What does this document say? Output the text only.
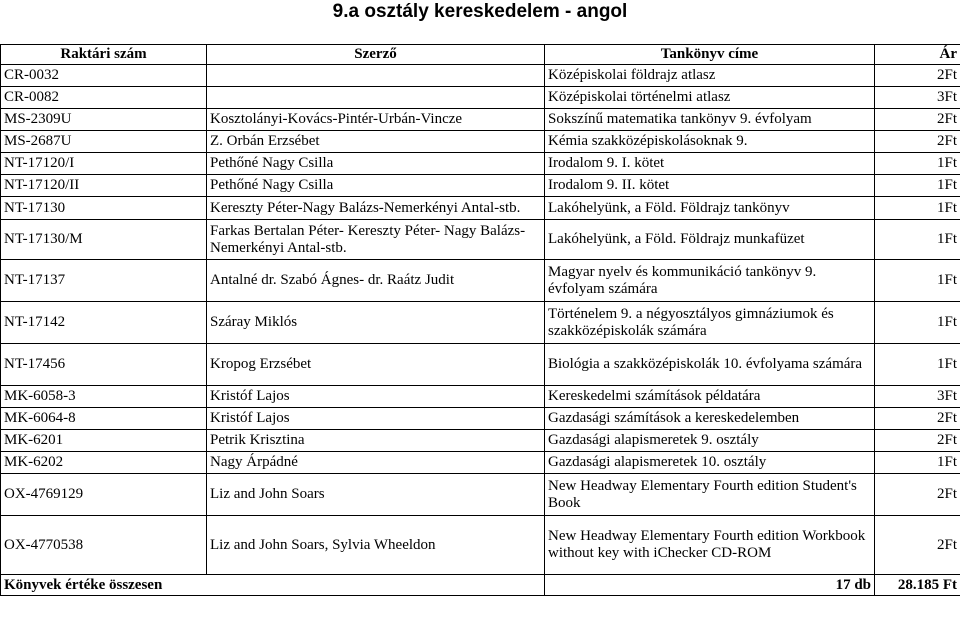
9.a osztály kereskedelem - angol
Raktári szám	Szerző	Tankönyv címe	Ár
CR-0032		Középiskolai földrajz atlasz	2Ft
CR-0082		Középiskolai történelmi atlasz	3Ft
MS-2309U	Kosztolányi-Kovács-Pintér-Urbán-Vincze	Sokszínű matematika tankönyv 9. évfolyam	2Ft
MS-2687U	Z. Orbán Erzsébet	Kémia szakközépiskolásoknak 9.	2Ft
NT-17120/I	Pethőné Nagy Csilla	Irodalom 9. I. kötet	1Ft
NT-17120/II	Pethőné Nagy Csilla	Irodalom 9. II. kötet	1Ft
NT-17130	Kereszty Péter-Nagy Balázs-Nemerkényi Antal-stb.	Lakóhelyünk, a Föld. Földrajz tankönyv	1Ft
NT-17130/M	Farkas Bertalan Péter- Kereszty Péter- Nagy Balázs- Nemerkényi Antal-stb.	Lakóhelyünk, a Föld. Földrajz munkafüzet	1Ft
NT-17137	Antalné dr. Szabó Ágnes- dr. Raátz Judit	Magyar nyelv és kommunikáció tankönyv 9. évfolyam számára	1Ft
NT-17142	Száray Miklós	Történelem 9. a négyosztályos gimnáziumok és szakközépiskolák számára	1Ft
NT-17456	Kropog Erzsébet	Biológia a szakközépiskolák 10. évfolyama számára	1Ft
MK-6058-3	Kristóf Lajos	Kereskedelmi számítások példatára	3Ft
MK-6064-8	Kristóf Lajos	Gazdasági számítások a kereskedelemben	2Ft
MK-6201	Petrik Krisztina	Gazdasági alapismeretek 9. osztály	2Ft
MK-6202	Nagy Árpádné	Gazdasági alapismeretek 10. osztály	1Ft
OX-4769129	Liz and John Soars	New Headway Elementary Fourth edition Student's Book	2Ft
OX-4770538	Liz and John Soars, Sylvia Wheeldon	New Headway Elementary Fourth edition Workbook without key with iChecker CD-ROM	2Ft
Könyvek értéke összesen		17 db	28.185 Ft
